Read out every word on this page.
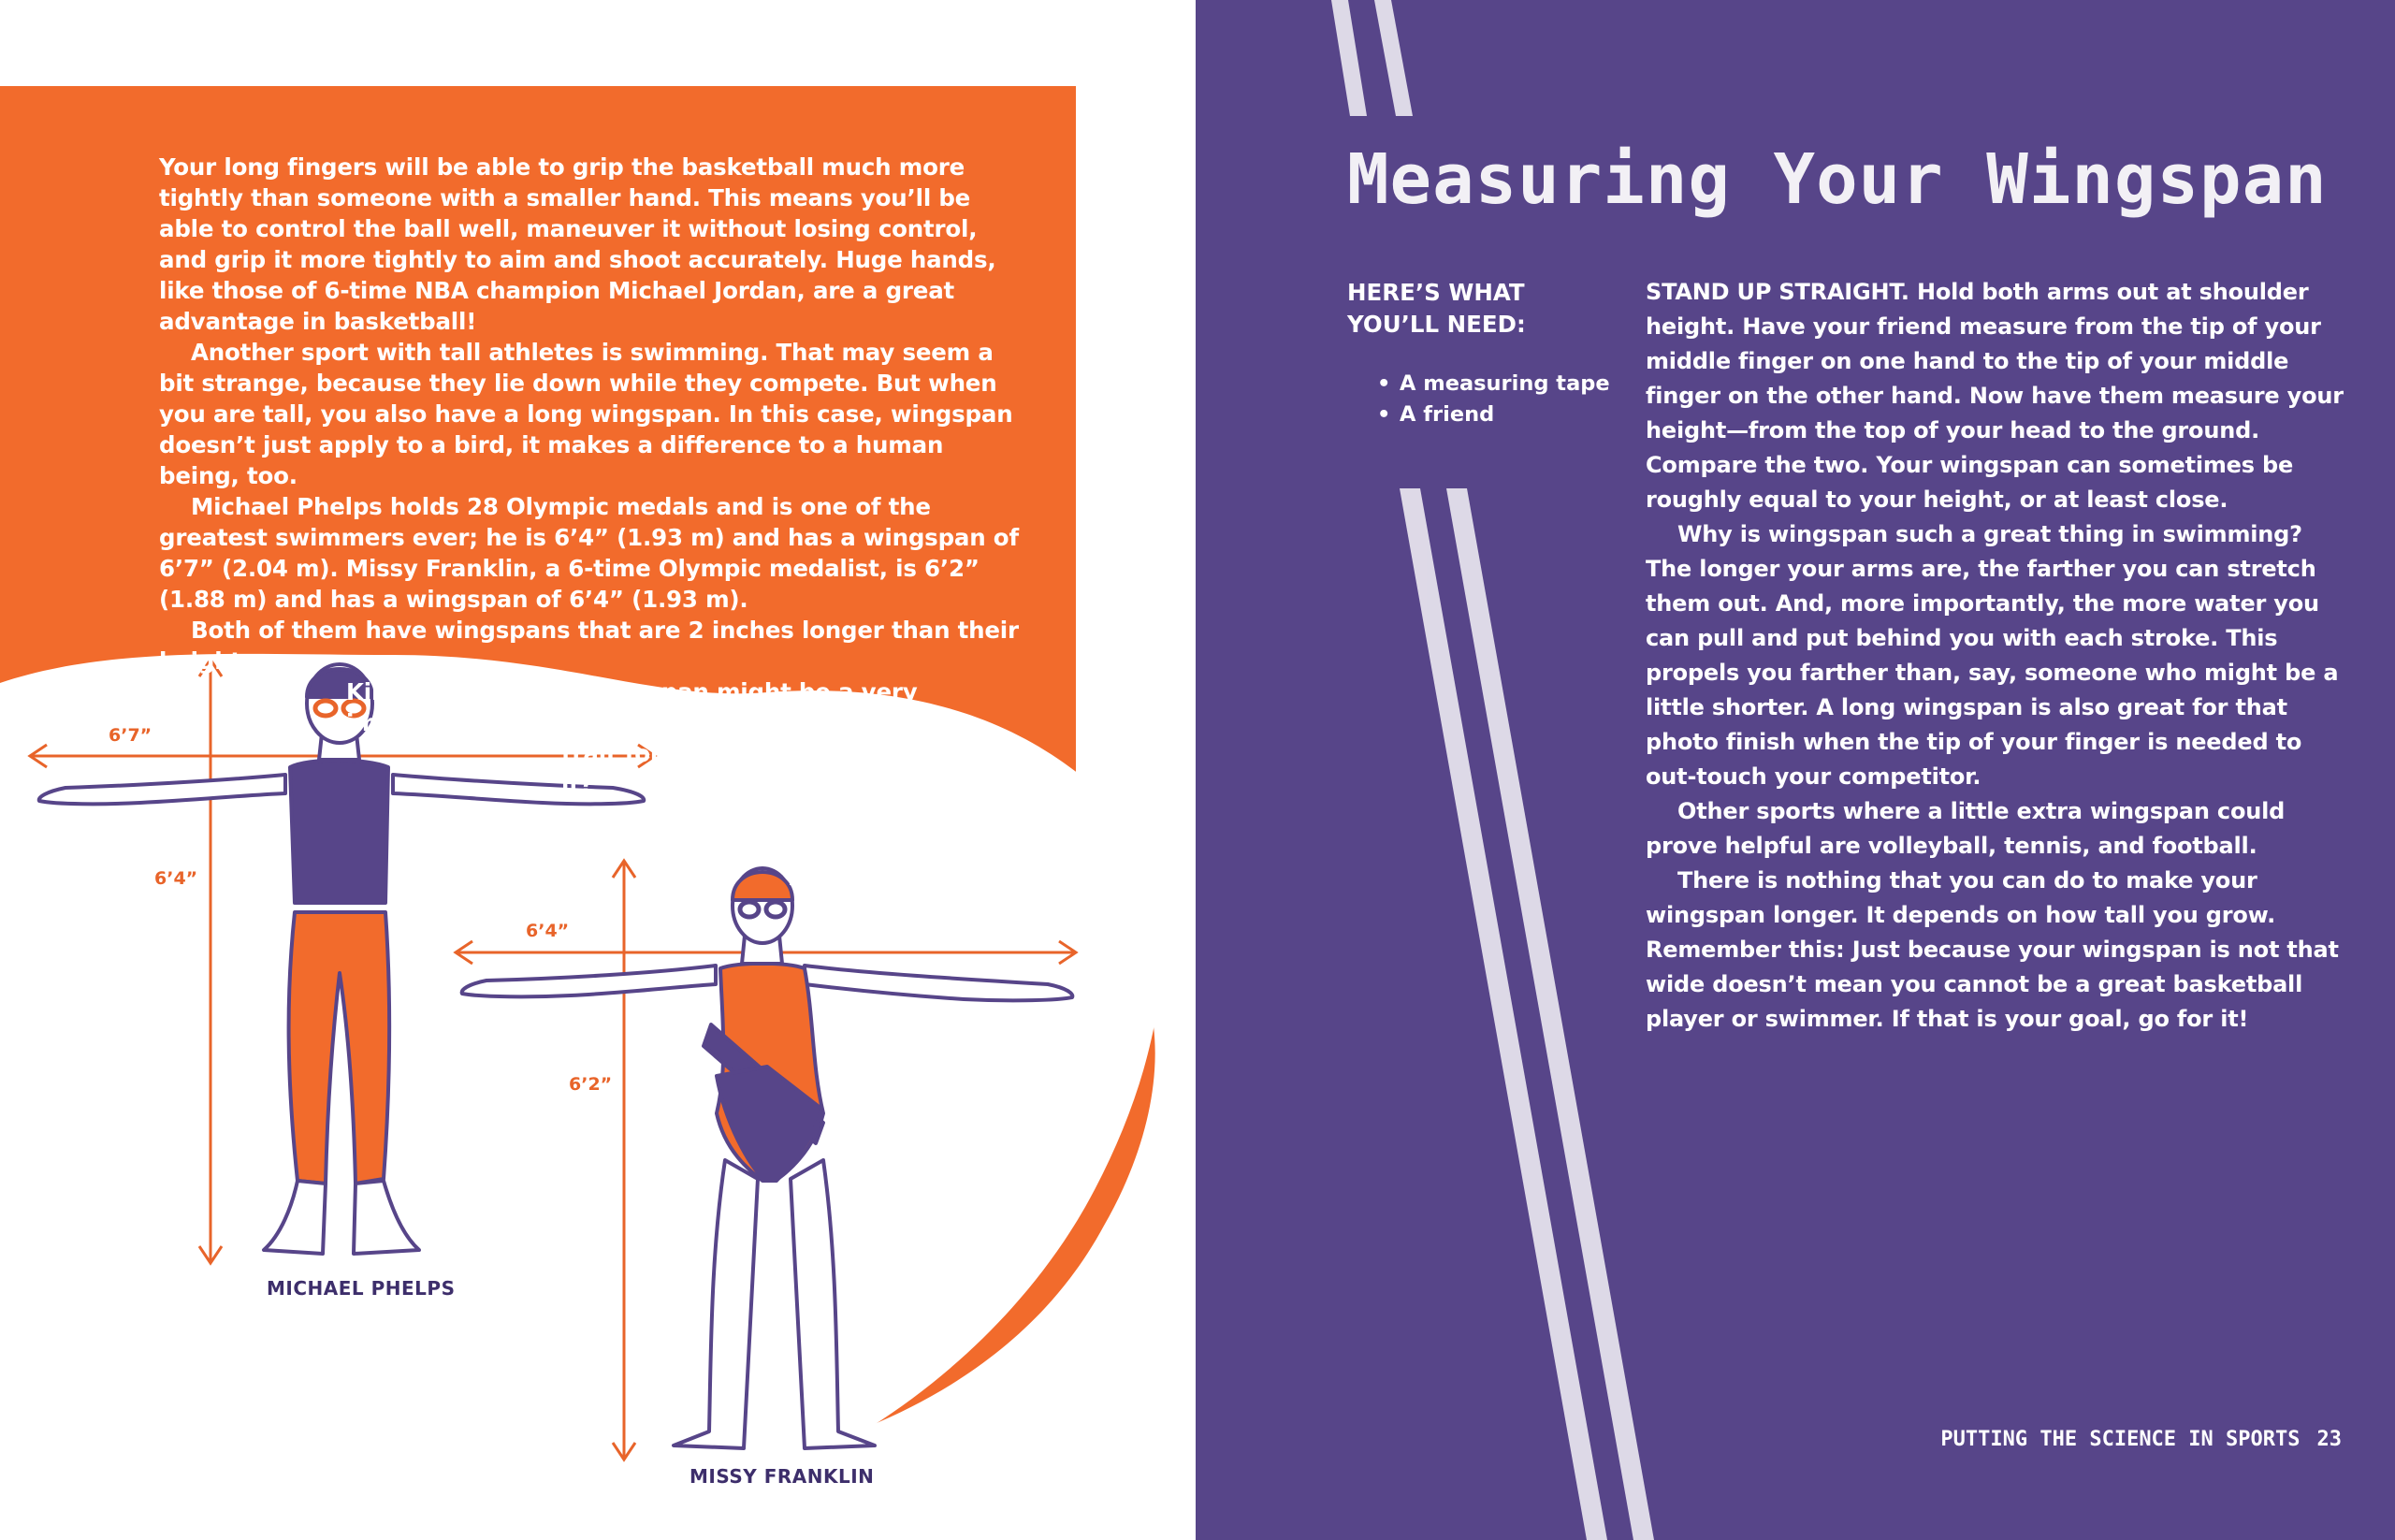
Your long fingers will be able to grip the basketball much more tightly than someone with a smaller hand. This means you’ll be able to control the ball well, maneuver it without losing control, and grip it more tightly to aim and shoot accurately. Huge hands, like those of 6-time NBA champion Michael Jordan, are a great advantage in basketball!

Another sport with tall athletes is swimming. That may seem a bit strange, because they lie down while they compete. But when you are tall, you also have a long wingspan. In this case, wingspan doesn’t just apply to a bird, it makes a difference to a human being, too.

Michael Phelps holds 28 Olympic medals and is one of the greatest swimmers ever; he is 6’4” (1.93 m) and has a wingspan of 6’7” (2.04 m). Missy Franklin, a 6-time Olympic medalist, is 6’2” (1.88 m) and has a wingspan of 6’4” (1.93 m).

Both of them have wingspans that are 2 inches longer than their height.

Kind of seems like wingspan might be a very important
trait for swimmers to have, doesn’t it?
Wonder what your wingspan
is? Measure it.
6’7”
6’4”
6’4”
6’2”
MICHAEL PHELPS
MISSY FRANKLIN
Measuring Your Wingspan
HERE’S WHAT YOU’LL NEED:
• A measuring tape
• A friend

STAND UP STRAIGHT. Hold both arms out at shoulder height. Have your friend measure from the tip of your middle finger on one hand to the tip of your middle finger on the other hand. Now have them measure your height—from the top of your head to the ground. Compare the two. Your wingspan can sometimes be roughly equal to your height, or at least close.

Why is wingspan such a great thing in swimming? The longer your arms are, the farther you can stretch them out. And, more importantly, the more water you can pull and put behind you with each stroke. This propels you farther than, say, someone who might be a little shorter. A long wingspan is also great for that photo finish when the tip of your finger is needed to out-touch your competitor.

Other sports where a little extra wingspan could prove helpful are volleyball, tennis, and football.

There is nothing that you can do to make your wingspan longer. It depends on how tall you grow. Remember this: Just because your wingspan is not that wide doesn’t mean you cannot be a great basketball player or swimmer. If that is your goal, go for it!

PUTTING THE SCIENCE IN SPORTS 23
